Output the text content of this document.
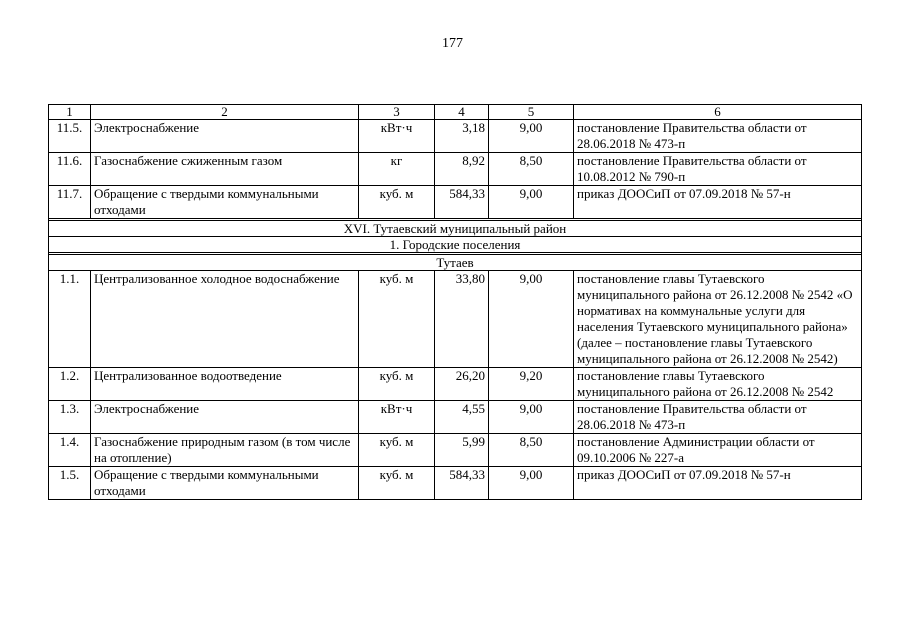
177
1	2	3	4	5	6
11.5.	Электроснабжение	кВт·ч	3,18	9,00	постановление Правительства области от 28.06.2018 № 473-п
11.6.	Газоснабжение сжиженным газом	кг	8,92	8,50	постановление Правительства области от 10.08.2012 № 790-п
11.7.	Обращение с твердыми коммунальными отходами	куб. м	584,33	9,00	приказ ДООСиП от 07.09.2018 № 57-н

XVI. Тутаевский муниципальный район					
1. Городские поселения					

Тутаев					
1.1.	Централизованное холодное водоснабжение	куб. м	33,80	9,00	постановление главы Тутаевского муниципального района от 26.12.2008 № 2542 «О нормативах на коммунальные услуги для населения Тутаевского муниципального района» (далее – постановление главы Тутаевского муниципального района от 26.12.2008 № 2542)
1.2.	Централизованное водоотведение	куб. м	26,20	9,20	постановление главы Тутаевского муниципального района от 26.12.2008 № 2542
1.3.	Электроснабжение	кВт·ч	4,55	9,00	постановление Правительства области от 28.06.2018 № 473-п
1.4.	Газоснабжение природным газом (в том числе на отопление)	куб. м	5,99	8,50	постановление Администрации области от 09.10.2006 № 227-а
1.5.	Обращение с твердыми коммунальными отходами	куб. м	584,33	9,00	приказ ДООСиП от 07.09.2018 № 57-н
